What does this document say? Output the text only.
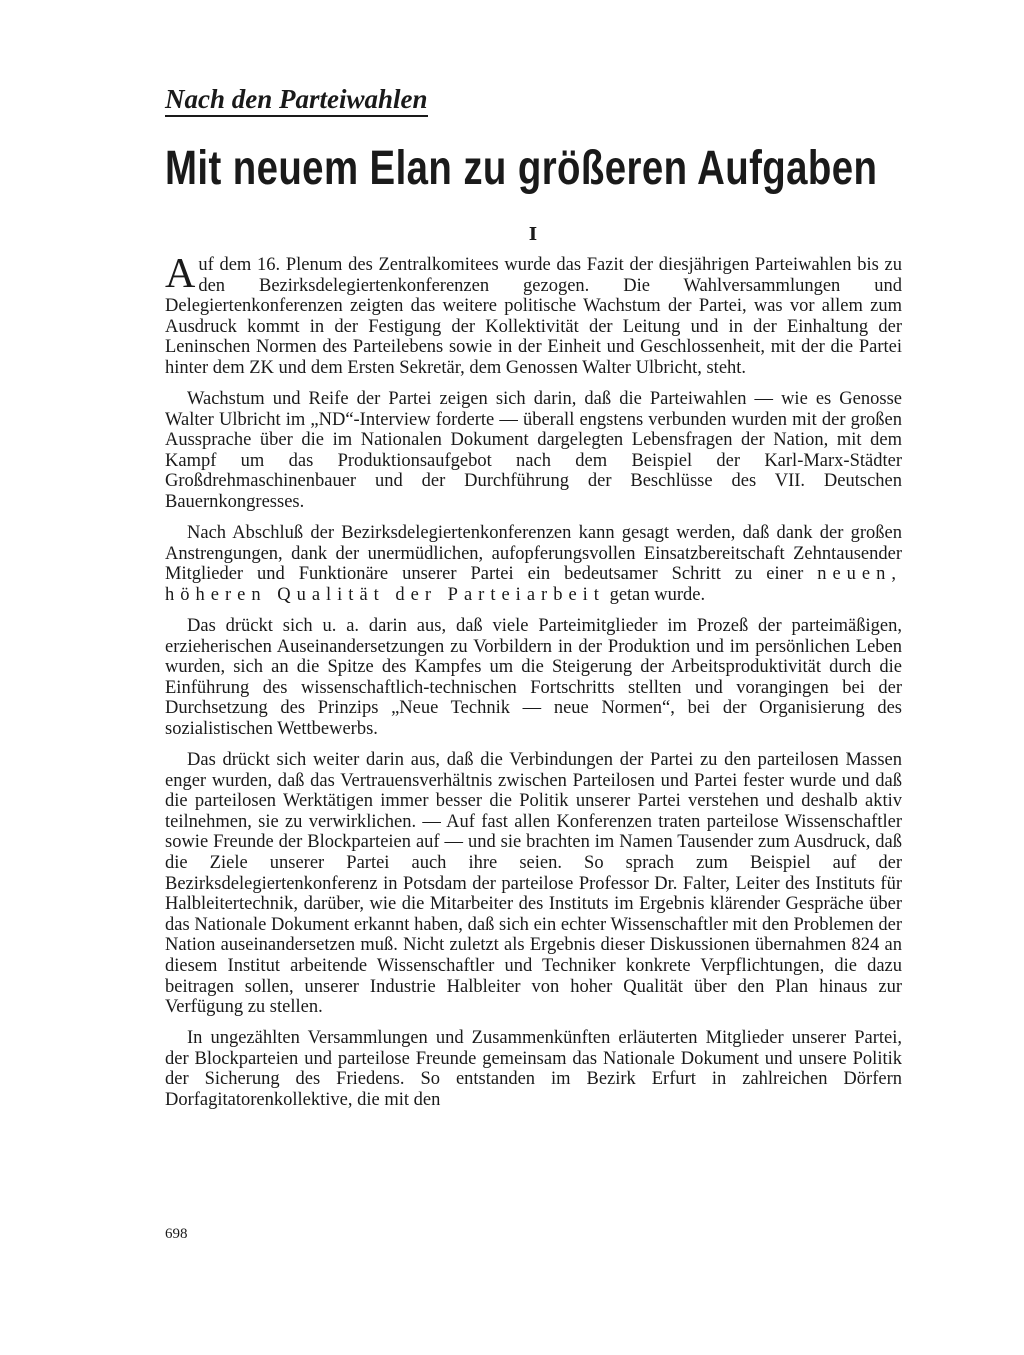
Nach den Parteiwahlen
Mit neuem Elan zu größeren Aufgaben
I

Auf dem 16. Plenum des Zentralkomitees wurde das Fazit der diesjährigen Parteiwahlen bis zu den Bezirksdelegiertenkonferenzen gezogen. Die Wahlversammlungen und Delegiertenkonferenzen zeigten das weitere politische Wachstum der Partei, was vor allem zum Ausdruck kommt in der Festigung der Kollektivität der Leitung und in der Einhaltung der Leninschen Normen des Parteilebens sowie in der Einheit und Geschlossenheit, mit der die Partei hinter dem ZK und dem Ersten Sekretär, dem Genossen Walter Ulbricht, steht.

Wachstum und Reife der Partei zeigen sich darin, daß die Parteiwahlen — wie es Genosse Walter Ulbricht im „ND“-Interview forderte — überall engstens verbunden wurden mit der großen Aussprache über die im Nationalen Dokument dargelegten Lebensfragen der Nation, mit dem Kampf um das Produktionsaufgebot nach dem Beispiel der Karl-Marx-Städter Großdrehmaschinenbauer und der Durchführung der Beschlüsse des VII. Deutschen Bauernkongresses.

Nach Abschluß der Bezirksdelegiertenkonferenzen kann gesagt werden, daß dank der großen Anstrengungen, dank der unermüdlichen, aufopferungsvollen Einsatzbereitschaft Zehntausender Mitglieder und Funktionäre unserer Partei ein bedeutsamer Schritt zu einer neuen, höheren Qualität der Parteiarbeit getan wurde.

Das drückt sich u. a. darin aus, daß viele Parteimitglieder im Prozeß der parteimäßigen, erzieherischen Auseinandersetzungen zu Vorbildern in der Produktion und im persönlichen Leben wurden, sich an die Spitze des Kampfes um die Steigerung der Arbeitsproduktivität durch die Einführung des wissenschaftlich-technischen Fortschritts stellten und vorangingen bei der Durchsetzung des Prinzips „Neue Technik — neue Normen“, bei der Organisierung des sozialistischen Wettbewerbs.

Das drückt sich weiter darin aus, daß die Verbindungen der Partei zu den parteilosen Massen enger wurden, daß das Vertrauensverhältnis zwischen Parteilosen und Partei fester wurde und daß die parteilosen Werktätigen immer besser die Politik unserer Partei verstehen und deshalb aktiv teilnehmen, sie zu verwirklichen. — Auf fast allen Konferenzen traten parteilose Wissenschaftler sowie Freunde der Blockparteien auf — und sie brachten im Namen Tausender zum Ausdruck, daß die Ziele unserer Partei auch ihre seien. So sprach zum Beispiel auf der Bezirksdelegiertenkonferenz in Potsdam der parteilose Professor Dr. Falter, Leiter des Instituts für Halbleitertechnik, darüber, wie die Mitarbeiter des Instituts im Ergebnis klärender Gespräche über das Nationale Dokument erkannt haben, daß sich ein echter Wissenschaftler mit den Problemen der Nation auseinandersetzen muß. Nicht zuletzt als Ergebnis dieser Diskussionen übernahmen 824 an diesem Institut arbeitende Wissenschaftler und Techniker konkrete Verpflichtungen, die dazu beitragen sollen, unserer Industrie Halbleiter von hoher Qualität über den Plan hinaus zur Verfügung zu stellen.

In ungezählten Versammlungen und Zusammenkünften erläuterten Mitglieder unserer Partei, der Blockparteien und parteilose Freunde gemeinsam das Nationale Dokument und unsere Politik der Sicherung des Friedens. So entstanden im Bezirk Erfurt in zahlreichen Dörfern Dorfagitatorenkollektive, die mit den

698
